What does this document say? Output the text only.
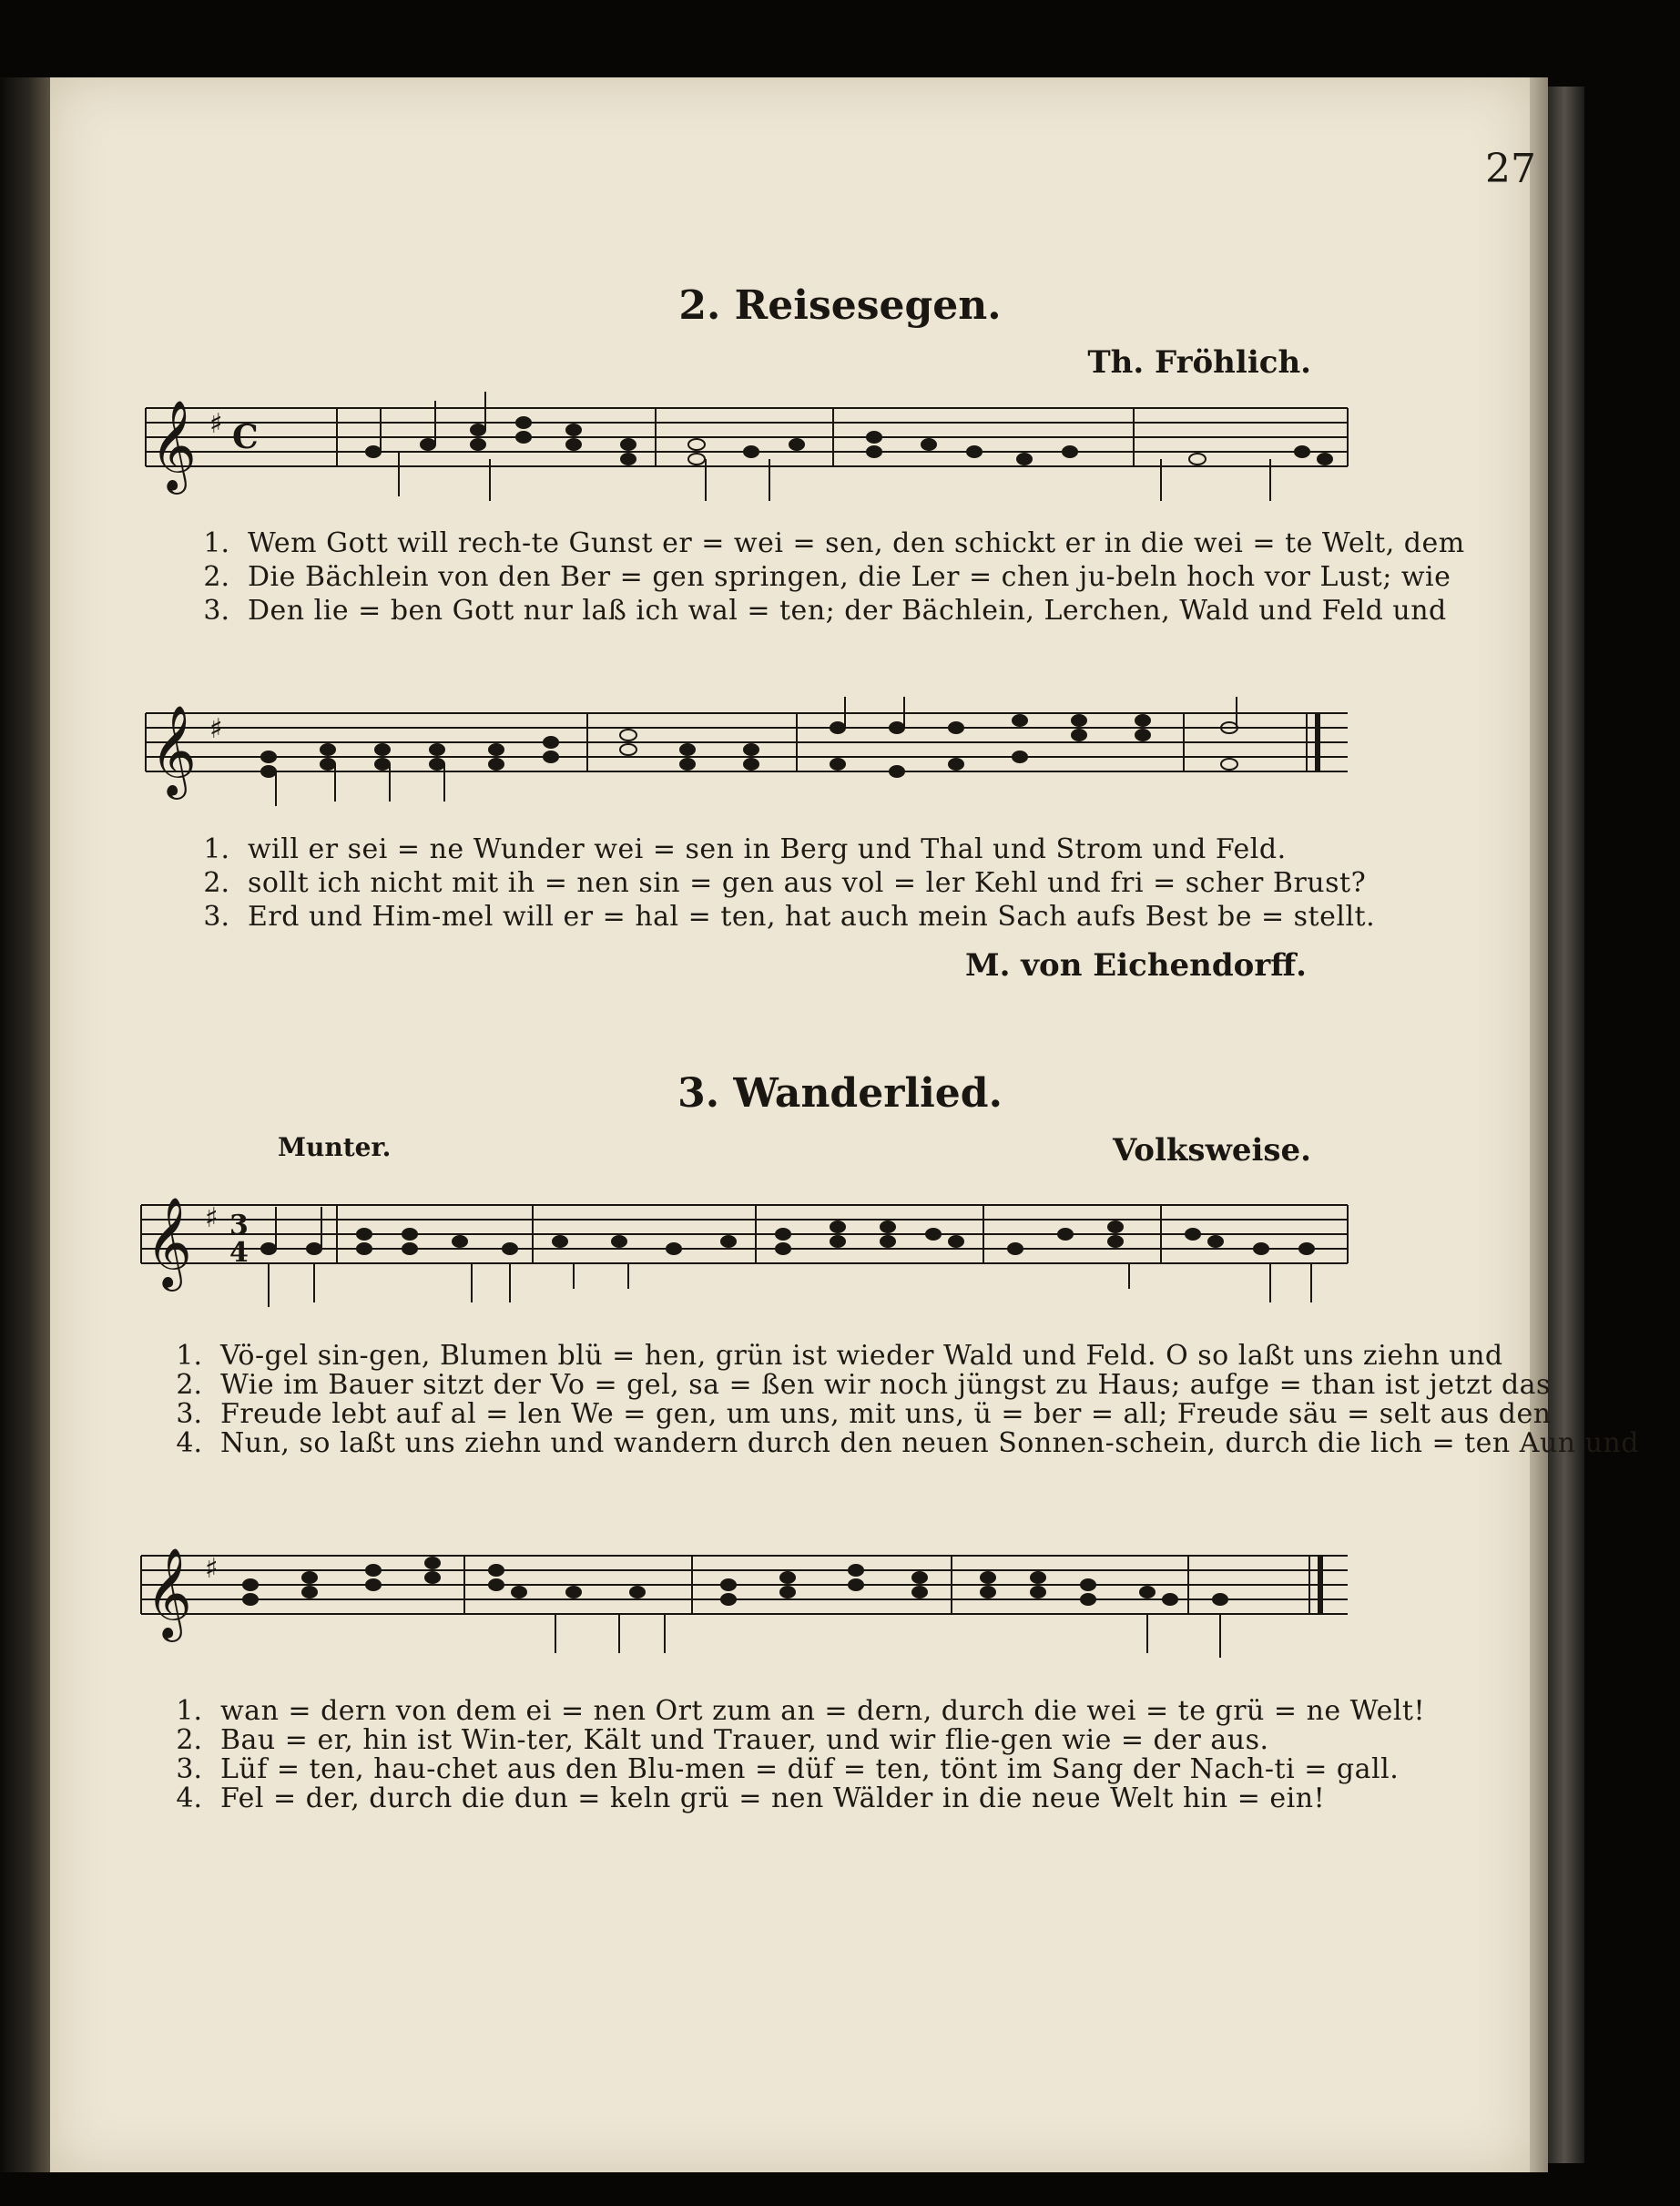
27
2. Reisesegen.
Th. Fröhlich.
𝄞 ♯ C
1. Wem Gott will rech-te Gunst er = wei = sen, den schickt er in die wei = te Welt, dem
2. Die Bächlein von den Ber = gen springen, die Ler = chen ju-beln hoch vor Lust; wie
3. Den lie = ben Gott nur laß ich wal = ten; der Bächlein, Lerchen, Wald und Feld und
𝄞 ♯
1. will er sei = ne Wunder wei = sen in Berg und Thal und Strom und Feld.
2. sollt ich nicht mit ih = nen sin = gen aus vol = ler Kehl und fri = scher Brust?
3. Erd und Him-mel will er = hal = ten, hat auch mein Sach aufs Best be = stellt.
M. von Eichendorff.
3. Wanderlied.
Munter.	Volksweise.
𝄞 ♯ 3
4
1. Vö-gel sin-gen, Blumen blü = hen, grün ist wieder Wald und Feld. O so laßt uns ziehn und
2. Wie im Bauer sitzt der Vo = gel, sa = ßen wir noch jüngst zu Haus; aufge = than ist jetzt das
3. Freude lebt auf al = len We = gen, um uns, mit uns, ü = ber = all; Freude säu = selt aus den
4. Nun, so laßt uns ziehn und wandern durch den neuen Sonnen-schein, durch die lich = ten Aun und
𝄞 ♯
1. wan = dern von dem ei = nen Ort zum an = dern, durch die wei = te grü = ne Welt!
2. Bau = er, hin ist Win-ter, Kält und Trauer, und wir flie-gen wie = der aus.
3. Lüf = ten, hau-chet aus den Blu-men = düf = ten, tönt im Sang der Nach-ti = gall.
4. Fel = der, durch die dun = keln grü = nen Wälder in die neue Welt hin = ein!
